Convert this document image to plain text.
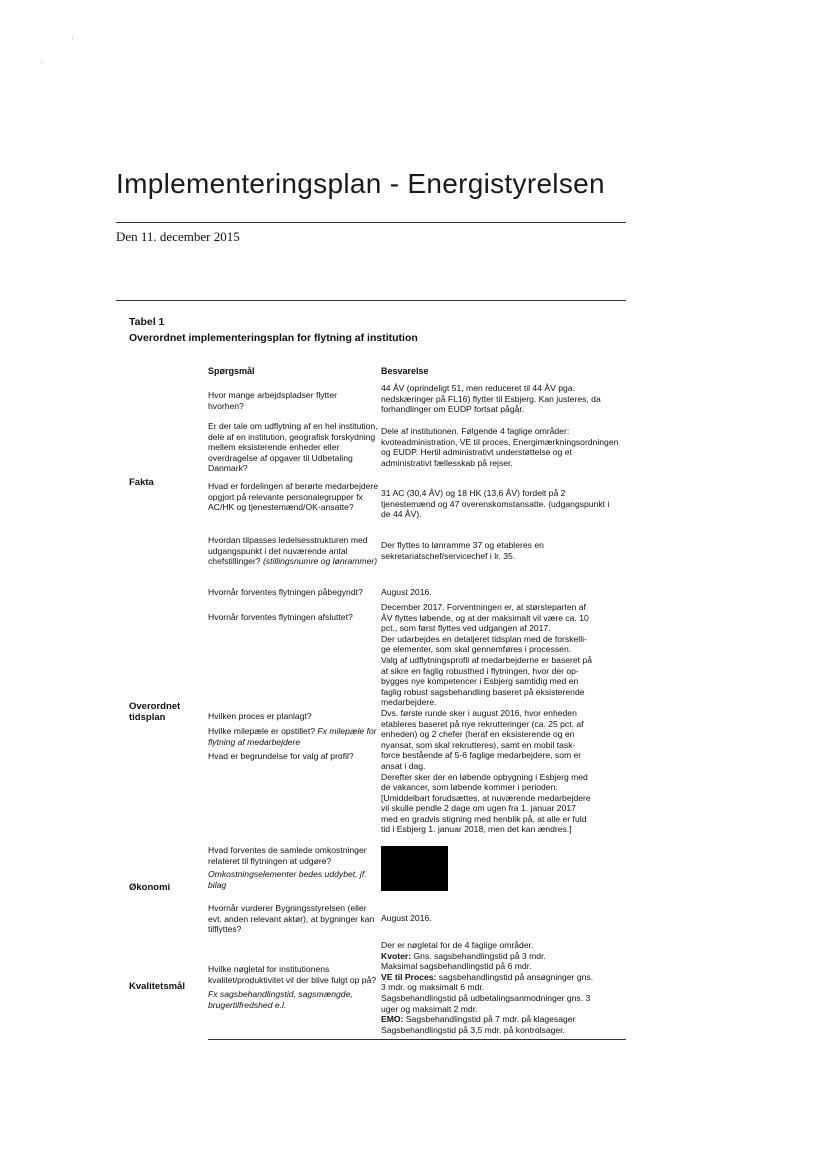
·
·
Implementeringsplan - Energistyrelsen
Den 11. december 2015
Tabel 1
Overordnet implementeringsplan for flytning af institution
Spørgsmål	Besvarelse
Fakta
Overordnet
tidsplan
Økonomi
Kvalitetsmål
Hvor mange arbejdspladser flytter hvorhen?
44 ÅV (oprindeligt 51, men reduceret til 44 ÅV pga. nedskæringer på FL16) flytter til Esbjerg. Kan justeres, da forhandlinger om EUDP fortsat pågår.
Er der tale om udflytning af en hel institution, dele af en institution, geografisk forskydning mellem eksisterende enheder eller overdragelse af opgaver til Udbetaling Danmark?
Dele af institutionen. Følgende 4 faglige områder: kvoteadministration, VE til proces, Energimærkningsordningen og EUDP. Hertil administrativt understøttelse og et administrativt fællesskab på rejser.
Hvad er fordelingen af berørte medarbejdere opgjort på relevante personalegrupper fx AC/HK og tjenestemænd/OK-ansatte?
31 AC (30,4 ÅV) og 18 HK (13,6 ÅV) fordelt på 2 tjenestemænd og 47 overenskomstansatte. (udgangspunkt i de 44 ÅV).
Hvordan tilpasses ledelsesstrukturen med udgangspunkt i det nuværende antal chefstillinger? (stillingsnumre og lønrammer)
Der flyttes to lønramme 37 og etableres en sekretariatschef/servicechef i lr. 35.
Hvornår forventes flytningen påbegyndt?	August 2016.
Hvornår forventes flytningen afsluttet?
Hvilken proces er planlagt?
Hvilke milepæle er opstillet? Fx milepæle for flytning af medarbejdere
Hvad er begrundelse for valg af profil?
December 2017. Forventningen er, at størsteparten af
ÅV flyttes løbende, og at der maksimalt vil være ca. 10
pct., som først flyttes ved udgangen af 2017.
Der udarbejdes en detaljeret tidsplan med de forskelli-
ge elementer, som skal gennemføres i processen.
Valg af udflytningsprofil af medarbejderne er baseret på
at sikre en faglig robusthed i flytningen, hvor der op-
bygges nye kompetencer i Esbjerg samtidig med en
faglig robust sagsbehandling baseret på eksisterende
medarbejdere.
Dvs. første runde sker i august 2016, hvor enheden
etableres baseret på nye rekrutteringer (ca. 25 pct. af
enheden) og 2 chefer (heraf en eksisterende og en
nyansat, som skal rekrutteres), samt en mobil task-
force bestående af 5-6 faglige medarbejdere, som er
ansat i dag.
Derefter sker der en løbende opbygning i Esbjerg med
de vakancer, som løbende kommer i perioden.
[Umiddelbart forudsættes, at nuværende medarbejdere
vil skulle pendle 2 dage om ugen fra 1. januar 2017
med en gradvis stigning med henblik på, at alle er fuld
tid i Esbjerg 1. januar 2018, men det kan ændres.]
Hvad forventes de samlede omkostninger relateret til flytningen at udgøre?
Omkostningselementer bedes uddybet, jf. bilag
Hvornår vurderer Bygningsstyrelsen (eller evt. anden relevant aktør), at bygninger kan tilflyttes?
August 2016.
Hvilke nøgletal for institutionens kvalitet/produktivitet vil der blive fulgt op på?
Fx sagsbehandlingstid, sagsmængde, brugertilfredshed e.l.
Der er nøgletal for de 4 faglige områder.
Kvoter: Gns. sagsbehandlingstid på 3 mdr.
Maksimal sagsbehandlingstid på 6 mdr.
VE til Proces: sagsbehandlingstid på ansøgninger gns.
3 mdr. og maksimalt 6 mdr.
Sagsbehandlingstid på udbetalingsanmodninger gns. 3
uger og maksimalt 2 mdr.
EMO: Sagsbehandlingstid på 7 mdr. på klagesager
Sagsbehandlingstid på 3,5 mdr. på kontrolsager.
